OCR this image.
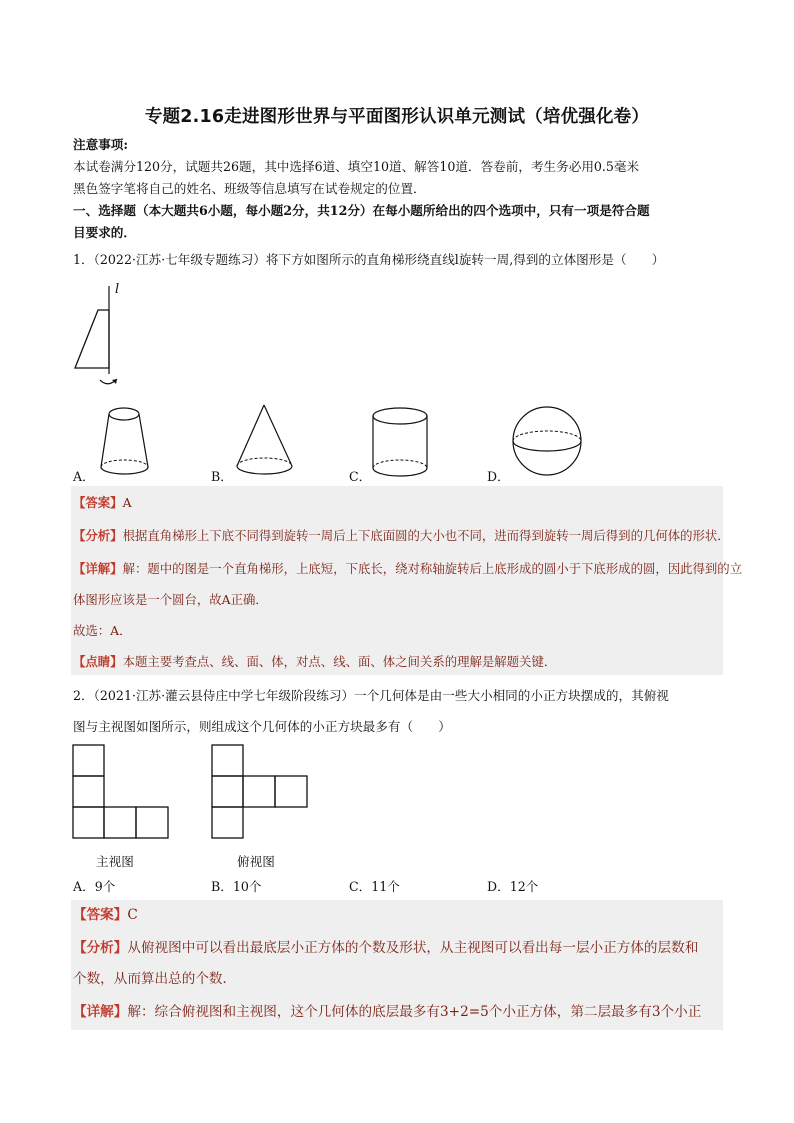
专题2.16走进图形世界与平面图形认识单元测试（培优强化卷）
注意事项:
本试卷满分120分，试题共26题，其中选择6道、填空10道、解答10道．答卷前，考生务必用0.5毫米
黑色签字笔将自己的姓名、班级等信息填写在试卷规定的位置．
一、选择题（本大题共6小题，每小题2分，共12分）在每小题所给出的四个选项中，只有一项是符合题
目要求的．
1．（2022·江苏·七年级专题练习）将下方如图所示的直角梯形绕直线l旋转一周,得到的立体图形是（　　）
l
A．	B．	C．	D．
【答案】A
【分析】根据直角梯形上下底不同得到旋转一周后上下底面圆的大小也不同，进而得到旋转一周后得到的几何体的形状．
【详解】解：题中的图是一个直角梯形，上底短，下底长，绕对称轴旋转后上底形成的圆小于下底形成的圆，因此得到的立
体图形应该是一个圆台，故A正确．
故选：A．
【点睛】本题主要考查点、线、面、体，对点、线、面、体之间关系的理解是解题关键．
2．（2021·江苏·灌云县侍庄中学七年级阶段练习）一个几何体是由一些大小相同的小正方块摆成的，其俯视
图与主视图如图所示，则组成这个几何体的小正方块最多有（　　）
主视图	俯视图
A．9个	B．10个	C．11个	D．12个
【答案】C
【分析】从俯视图中可以看出最底层小正方体的个数及形状，从主视图可以看出每一层小正方体的层数和
个数，从而算出总的个数．
【详解】解：综合俯视图和主视图，这个几何体的底层最多有3+2=5个小正方体，第二层最多有3个小正
